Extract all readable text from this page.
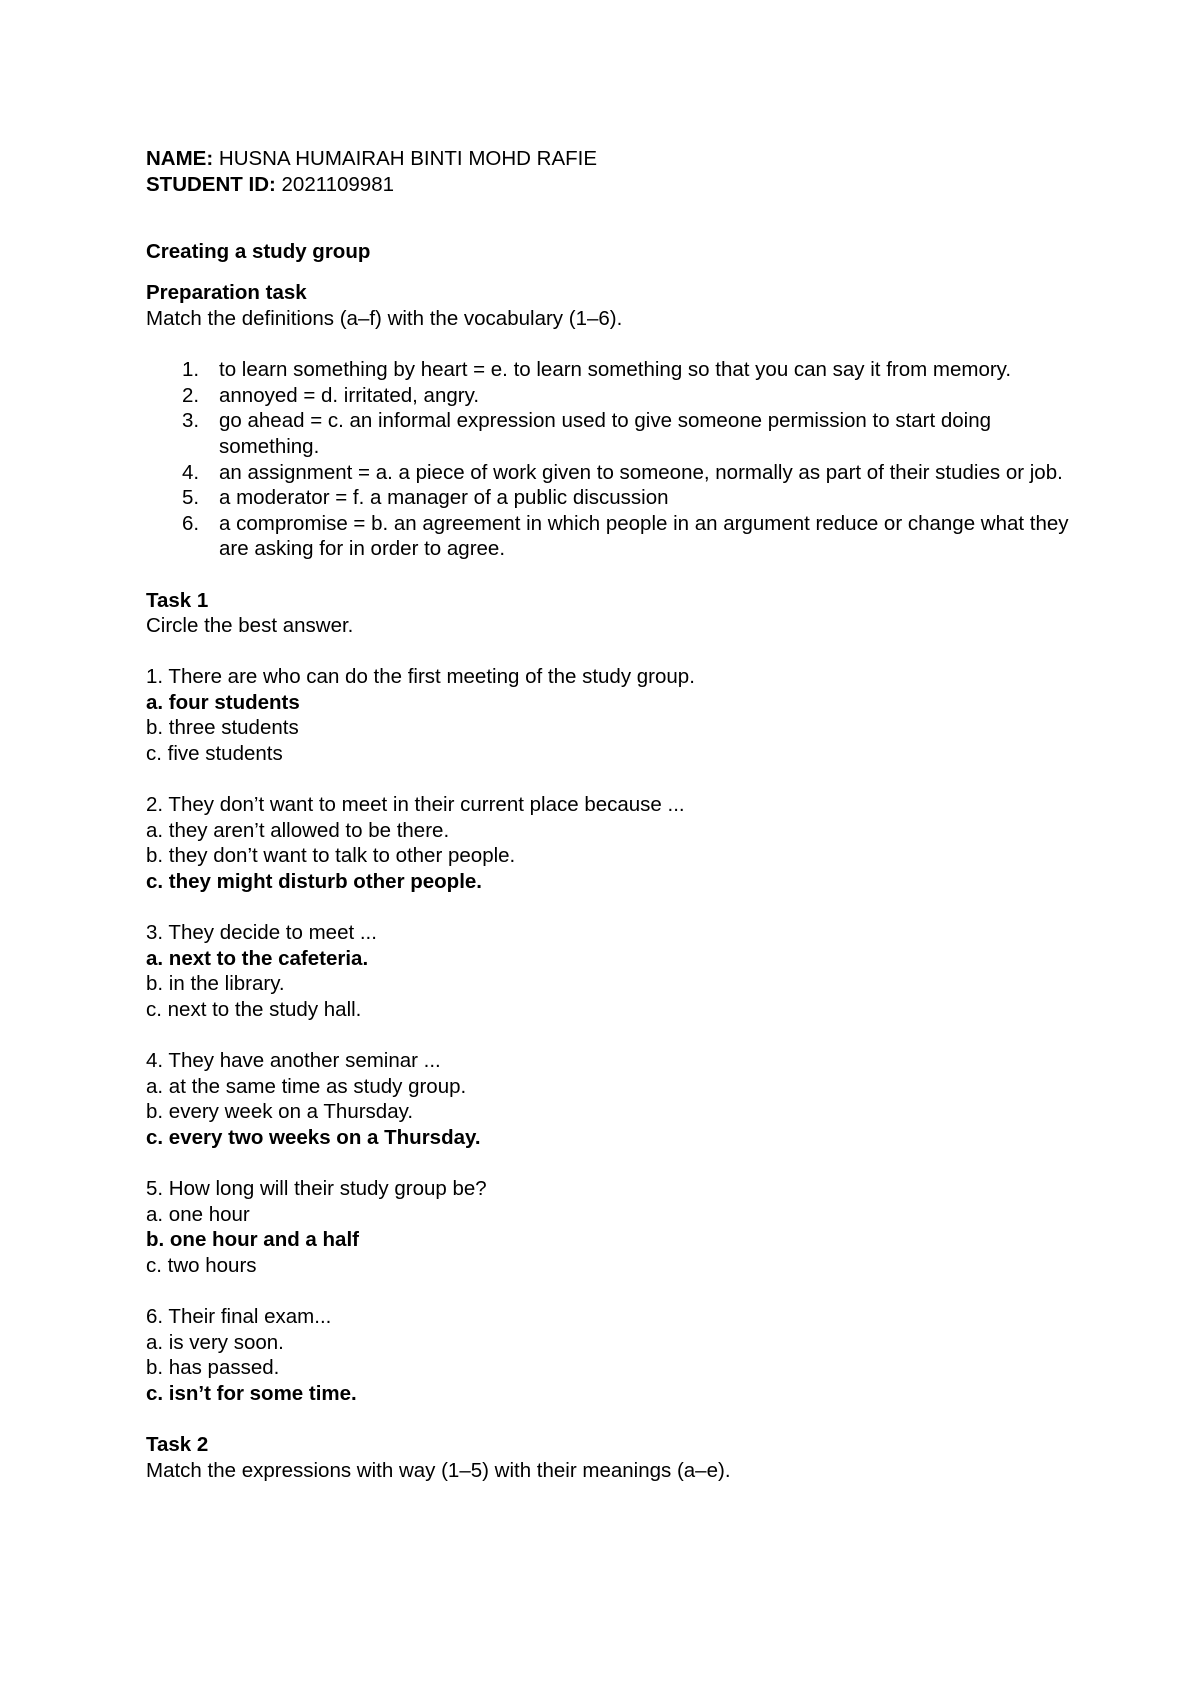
NAME: HUSNA HUMAIRAH BINTI MOHD RAFIE

STUDENT ID: 2021109981

Creating a study group

Preparation task

Match the definitions (a–f) with the vocabulary (1–6).

1. to learn something by heart = e. to learn something so that you can say it from memory.
2. annoyed = d. irritated, angry.
3. go ahead = c. an informal expression used to give someone permission to start doing something.
4. an assignment = a. a piece of work given to someone, normally as part of their studies or job.
5. a moderator = f. a manager of a public discussion
6. a compromise = b. an agreement in which people in an argument reduce or change what they are asking for in order to agree.

Task 1

Circle the best answer.

1. There are who can do the first meeting of the study group.

a. four students

b. three students

c. five students

2. They don’t want to meet in their current place because ...

a. they aren’t allowed to be there.

b. they don’t want to talk to other people.

c. they might disturb other people.

3. They decide to meet ...

a. next to the cafeteria.

b. in the library.

c. next to the study hall.

4. They have another seminar ...

a. at the same time as study group.

b. every week on a Thursday.

c. every two weeks on a Thursday.

5. How long will their study group be?

a. one hour

b. one hour and a half

c. two hours

6. Their final exam...

a. is very soon.

b. has passed.

c. isn’t for some time.

Task 2

Match the expressions with way (1–5) with their meanings (a–e).
